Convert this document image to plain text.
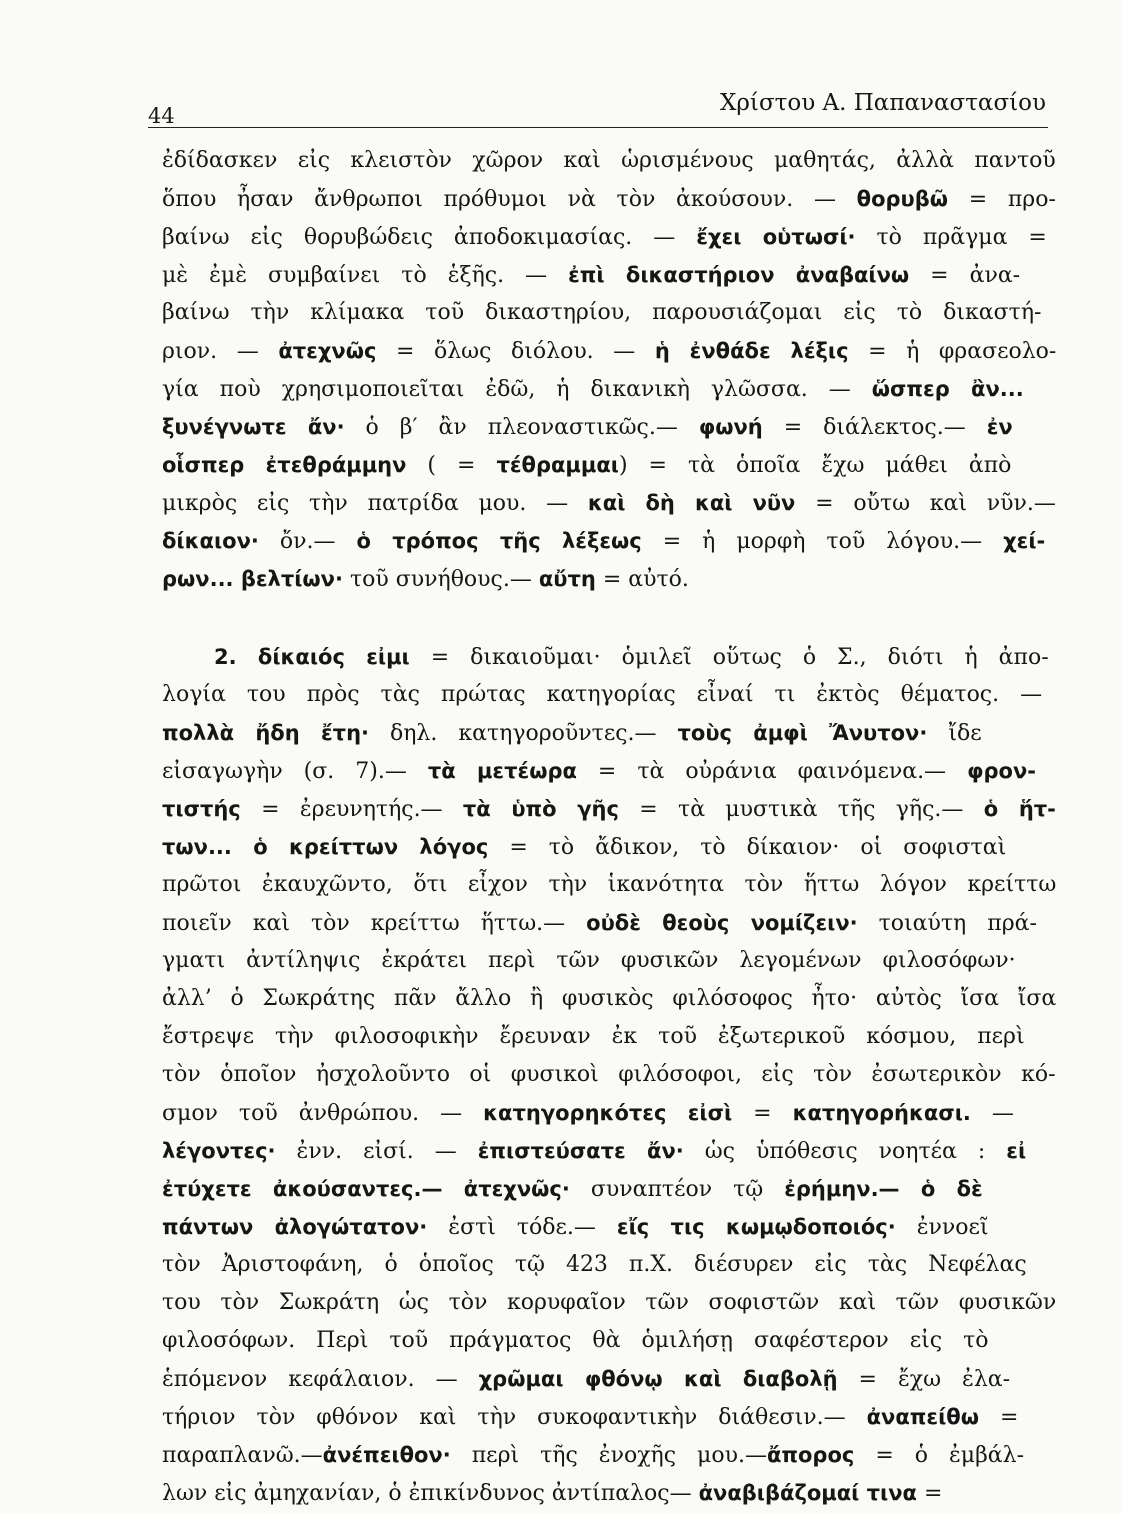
44	Χρίστου Α. Παπαναστασίου
ἐδίδασκεν εἰς κλειστὸν χῶρον καὶ ὡρισμένους μαθητάς, ἀλλὰ παντοῦ
ὅπου ἦσαν ἄνθρωποι πρόθυμοι νὰ τὸν ἀκούσουν. — θορυβῶ = προ-
βαίνω εἰς θορυβώδεις ἀποδοκιμασίας. — ἔχει οὑτωσί· τὸ πρᾶγμα =
μὲ ἐμὲ συμβαίνει τὸ ἑξῆς. — ἐπὶ δικαστήριον ἀναβαίνω = ἀνα-
βαίνω τὴν κλίμακα τοῦ δικαστηρίου, παρουσιάζομαι εἰς τὸ δικαστή-
ριον. — ἀτεχνῶς = ὅλως διόλου. — ἡ ἐνθάδε λέξις = ἡ φρασεολο-
γία ποὺ χρησιμοποιεῖται ἐδῶ, ἡ δικανικὴ γλῶσσα. — ὥσπερ ἂν...
ξυνέγνωτε ἄν· ὁ β′ ἂν πλεοναστικῶς.— φωνή = διάλεκτος.— ἐν
οἷσπερ ἐτεθράμμην ( = τέθραμμαι) = τὰ ὁποῖα ἔχω μάθει ἀπὸ
μικρὸς εἰς τὴν πατρίδα μου. — καὶ δὴ καὶ νῦν = οὔτω καὶ νῦν.—
δίκαιον· ὄν.— ὁ τρόπος τῆς λέξεως = ἡ μορφὴ τοῦ λόγου.— χεί-
ρων... βελτίων· τοῦ συνήθους.— αὔτη = αὐτό.
2. δίκαιός εἰμι = δικαιοῦμαι· ὁμιλεῖ οὕτως ὁ Σ., διότι ἡ ἀπο-
λογία του πρὸς τὰς πρώτας κατηγορίας εἶναί τι ἐκτὸς θέματος. —
πολλὰ ἤδη ἔτη· δηλ. κατηγοροῦντες.— τοὺς ἀμφὶ Ἄνυτον· ἴδε
εἰσαγωγὴν (σ. 7).— τὰ μετέωρα = τὰ οὐράνια φαινόμενα.— φρον-
τιστής = ἐρευνητής.— τὰ ὑπὸ γῆς = τὰ μυστικὰ τῆς γῆς.— ὁ ἥτ-
των... ὁ κρείττων λόγος = τὸ ἄδικον, τὸ δίκαιον· οἱ σοφισταὶ
πρῶτοι ἐκαυχῶντο, ὅτι εἶχον τὴν ἱκανότητα τὸν ἥττω λόγον κρείττω
ποιεῖν καὶ τὸν κρείττω ἥττω.— οὐδὲ θεοὺς νομίζειν· τοιαύτη πρά-
γματι ἀντίληψις ἐκράτει περὶ τῶν φυσικῶν λεγομένων φιλοσόφων·
ἀλλ’ ὁ Σωκράτης πᾶν ἄλλο ἢ φυσικὸς φιλόσοφος ἦτο· αὐτὸς ἴσα ἴσα
ἔστρεψε τὴν φιλοσοφικὴν ἔρευναν ἐκ τοῦ ἐξωτερικοῦ κόσμου, περὶ
τὸν ὁποῖον ἠσχολοῦντο οἱ φυσικοὶ φιλόσοφοι, εἰς τὸν ἐσωτερικὸν κό-
σμον τοῦ ἀνθρώπου. — κατηγορηκότες εἰσὶ = κατηγορήκασι. —
λέγοντες· ἐνν. εἰσί. — ἐπιστεύσατε ἄν· ὡς ὑπόθεσις νοητέα : εἰ
ἐτύχετε ἀκούσαντες.— ἀτεχνῶς· συναπτέον τῷ ἐρήμην.— ὁ δὲ
πάντων ἀλογώτατον· ἐστὶ τόδε.— εἴς τις κωμῳδοποιός· ἐννοεῖ
τὸν Ἀριστοφάνη, ὁ ὁποῖος τῷ 423 π.Χ. διέσυρεν εἰς τὰς Νεφέλας
του τὸν Σωκράτη ὡς τὸν κορυφαῖον τῶν σοφιστῶν καὶ τῶν φυσικῶν
φιλοσόφων. Περὶ τοῦ πράγματος θὰ ὁμιλήσῃ σαφέστερον εἰς τὸ
ἑπόμενον κεφάλαιον. — χρῶμαι φθόνῳ καὶ διαβολῇ = ἔχω ἐλα-
τήριον τὸν φθόνον καὶ τὴν συκοφαντικὴν διάθεσιν.— ἀναπείθω =
παραπλανῶ.—ἀνέπειθον· περὶ τῆς ἐνοχῆς μου.—ἄπορος = ὁ ἐμβάλ-
λων εἰς ἀμηχανίαν, ὁ ἐπικίνδυνος ἀντίπαλος— ἀναβιβάζομαί τινα =
